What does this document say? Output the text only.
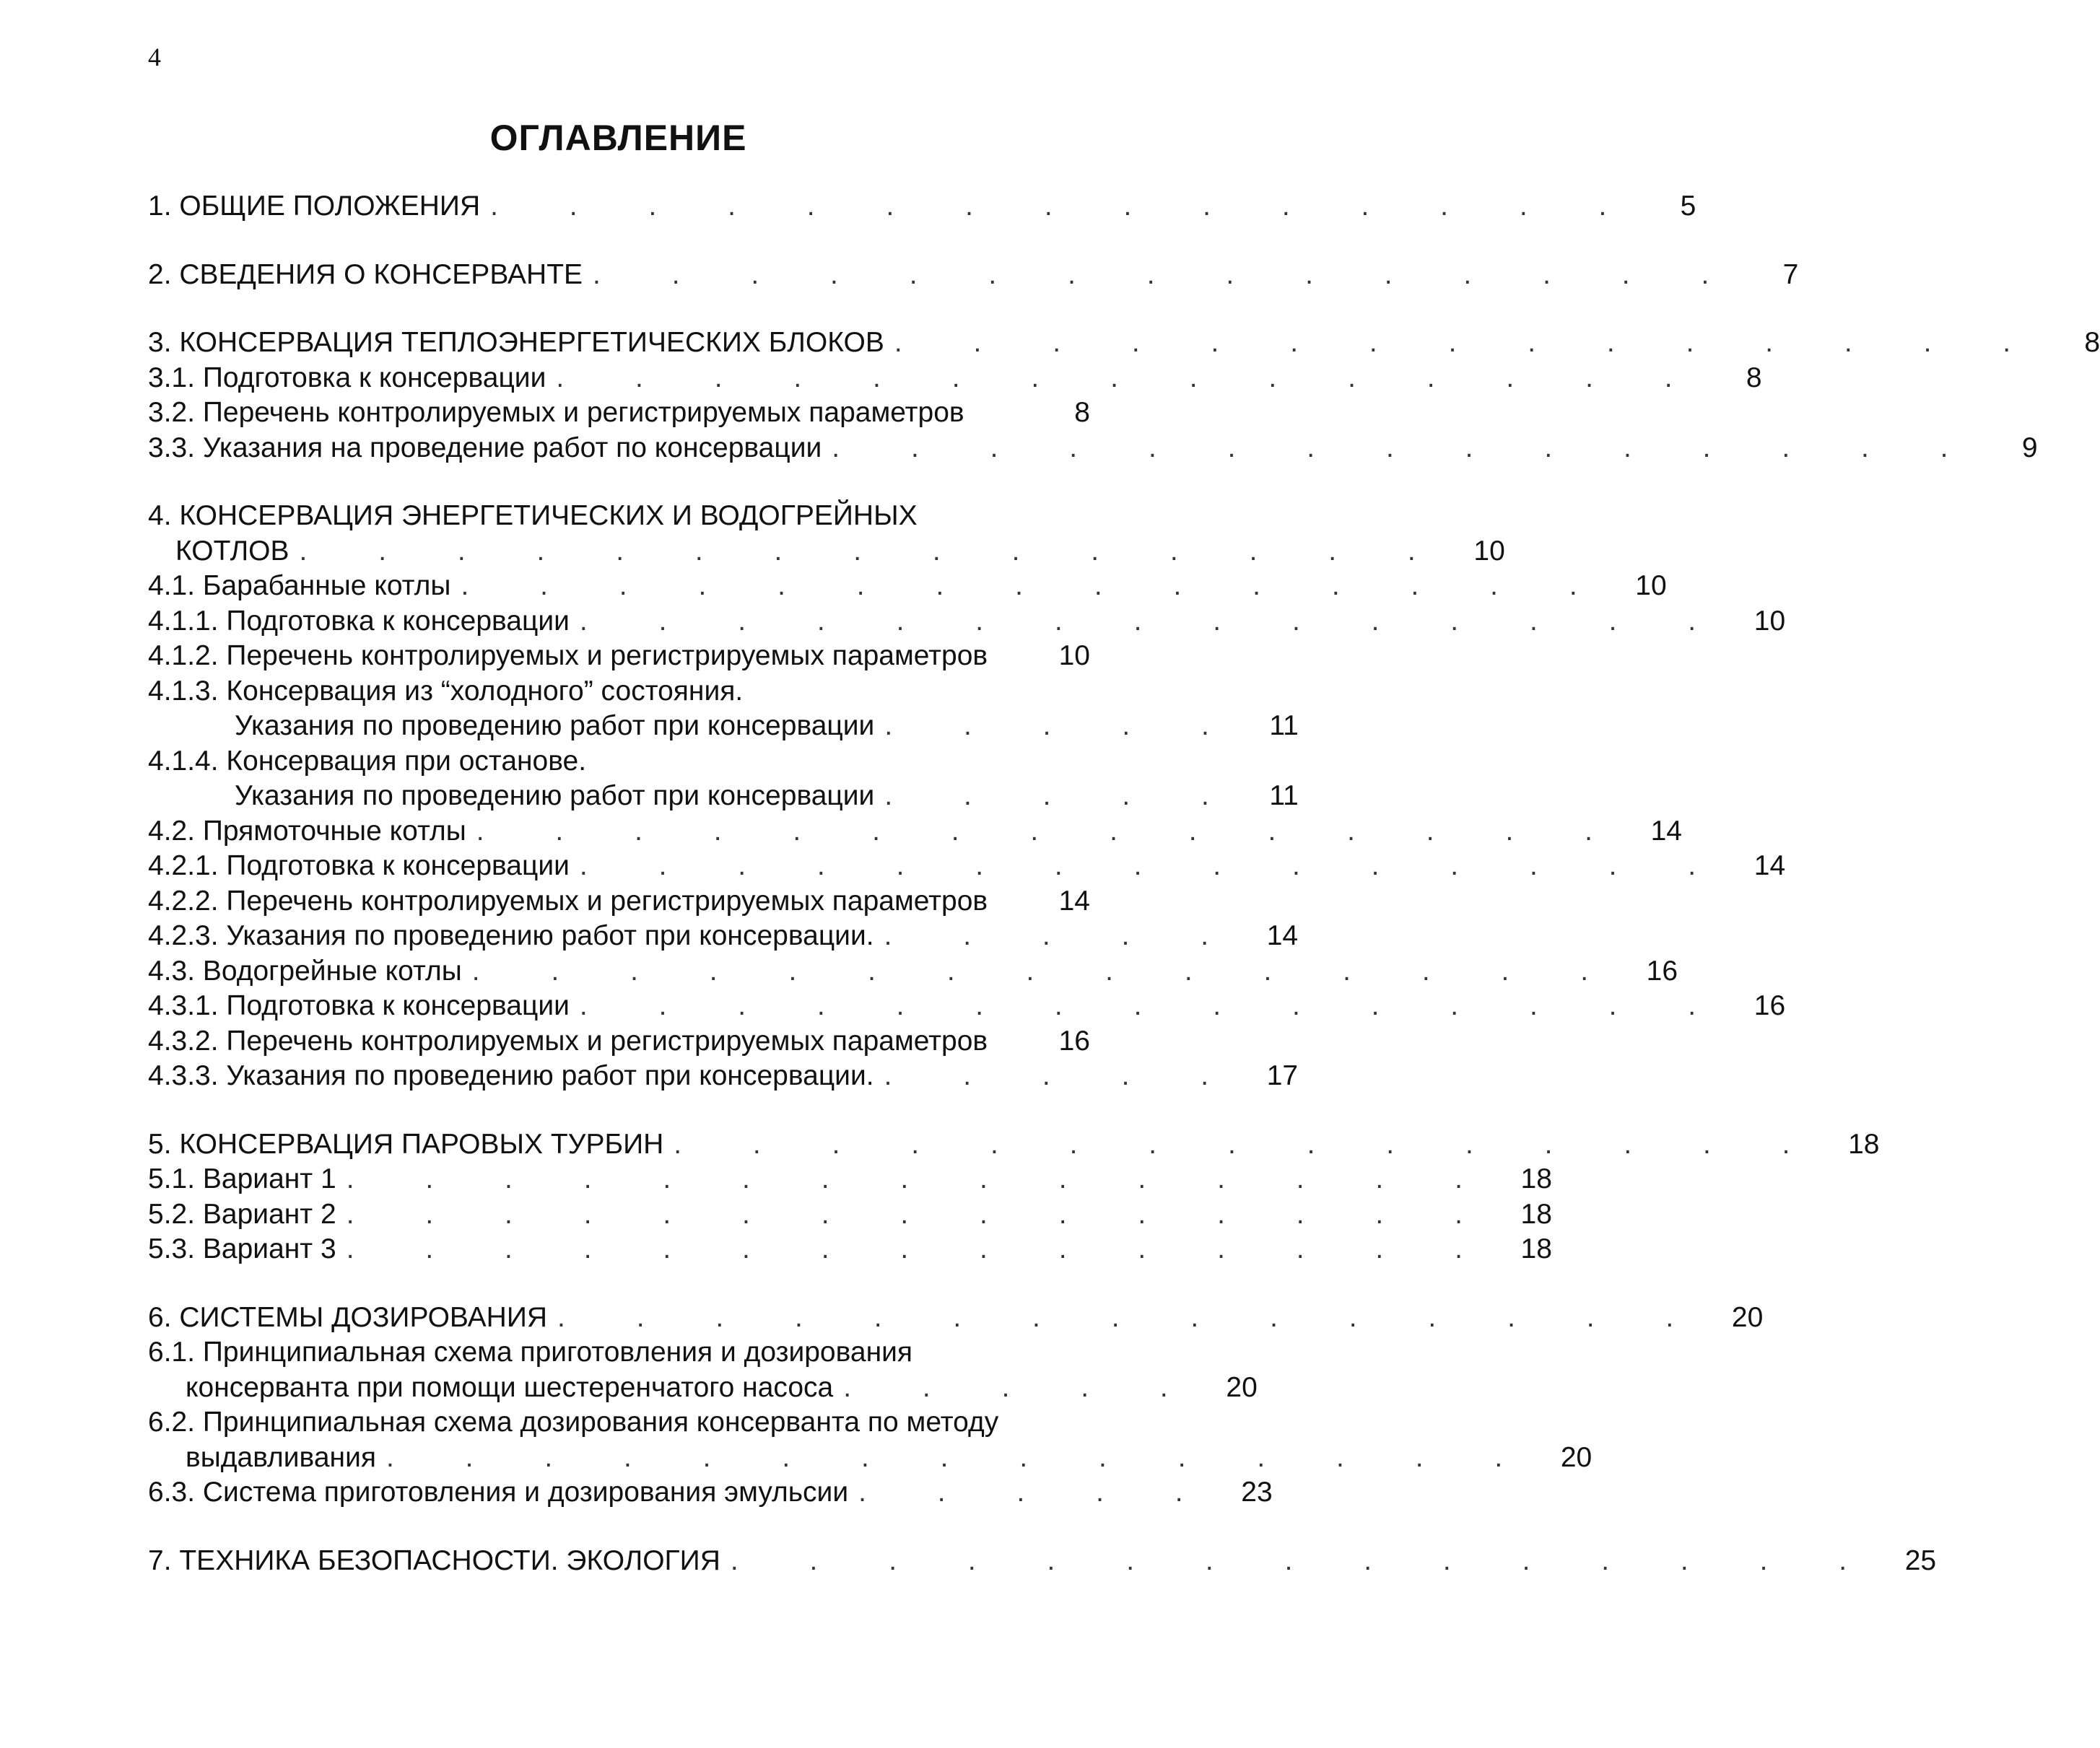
4
ОГЛАВЛЕНИЕ
1. ОБЩИЕ ПОЛОЖЕНИЯ . . . . . . . . . . . . . . .	5
2. СВЕДЕНИЯ О КОНСЕРВАНТЕ . . . . . . . . . . . . . . .	7
3. КОНСЕРВАЦИЯ ТЕПЛОЭНЕРГЕТИЧЕСКИХ БЛОКОВ . . . . . . . . . . . . . . .	8
3.1. Подготовка к консервации . . . . . . . . . . . . . . .	8
3.2. Перечень контролируемых и регистрируемых параметров	8
3.3. Указания на проведение работ по консервации . . . . . . . . . . . . . . .	9
4. КОНСЕРВАЦИЯ ЭНЕРГЕТИЧЕСКИХ И ВОДОГРЕЙНЫХ
КОТЛОВ . . . . . . . . . . . . . . . 10
4.1. Барабанные котлы . . . . . . . . . . . . . . . 10
4.1.1. Подготовка к консервации . . . . . . . . . . . . . . . 10
4.1.2. Перечень контролируемых и регистрируемых параметров	10
4.1.3. Консервация из “холодного” состояния.
Указания по проведению работ при консервации . . . . .	11
4.1.4. Консервация при останове.
Указания по проведению работ при консервации . . . . .	11
4.2. Прямоточные котлы . . . . . . . . . . . . . . . 14
4.2.1. Подготовка к консервации . . . . . . . . . . . . . . . 14
4.2.2. Перечень контролируемых и регистрируемых параметров	14
4.2.3. Указания по проведению работ при консервации. . . . . . 14
4.3. Водогрейные котлы . . . . . . . . . . . . . . . 16
4.3.1. Подготовка к консервации . . . . . . . . . . . . . . . 16
4.3.2. Перечень контролируемых и регистрируемых параметров	16
4.3.3. Указания по проведению работ при консервации. . . . . . 17
5. КОНСЕРВАЦИЯ ПАРОВЫХ ТУРБИН . . . . . . . . . . . . . . . 18
5.1. Вариант 1 . . . . . . . . . . . . . . . 18
5.2. Вариант 2 . . . . . . . . . . . . . . . 18
5.3. Вариант 3 . . . . . . . . . . . . . . . 18
6. СИСТЕМЫ ДОЗИРОВАНИЯ . . . . . . . . . . . . . . . 20
6.1. Принципиальная схема приготовления и дозирования
консерванта при помощи шестеренчатого насоса . . . . . 20
6.2. Принципиальная схема дозирования консерванта по методу
выдавливания . . . . . . . . . . . . . . . 20
6.3. Система приготовления и дозирования эмульсии . . . . . 23
7. ТЕХНИКА БЕЗОПАСНОСТИ. ЭКОЛОГИЯ . . . . . . . . . . . . . . . 25
